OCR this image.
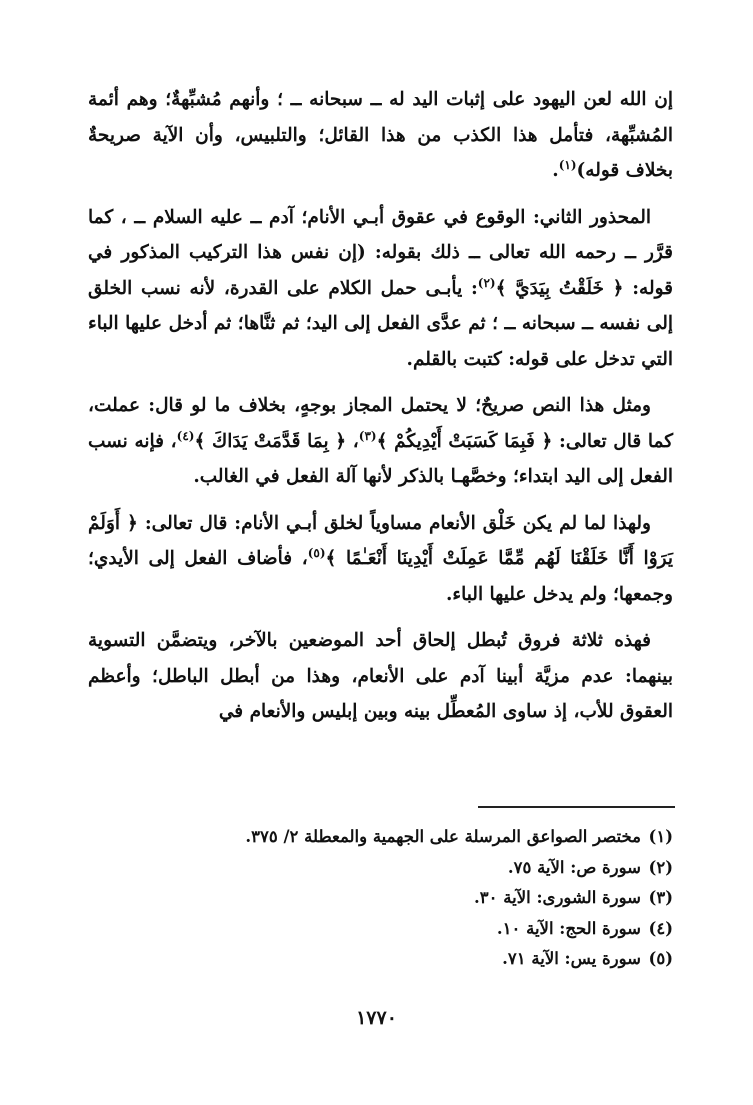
إن الله لعن اليهود على إثبات اليد له ــ سبحانه ــ ؛ وأنهم مُشبِّهةٌ؛ وهم أئمة المُشبِّهة، فتأمل هذا الكذب من هذا القائل؛ والتلبيس، وأن الآية صريحةٌ بخلاف قوله)$^{(١)}$.

المحذور الثاني: الوقوع في عقوق أبـي الأنام؛ آدم ــ عليه السلام ــ ، كما قرَّر ــ رحمه الله تعالى ــ ذلك بقوله: (إن نفس هذا التركيب المذكور في قوله: ﴿ خَلَقْتُ بِيَدَيَّ ﴾$^{(٢)}$: يأبـى حمل الكلام على القدرة، لأنه نسب الخلق إلى نفسه ــ سبحانه ــ ؛ ثم عدَّى الفعل إلى اليد؛ ثم ثنَّاها؛ ثم أدخل عليها الباء التي تدخل على قوله: كتبت بالقلم.

ومثل هذا النص صريحٌ؛ لا يحتمل المجاز بوجهٍ، بخلاف ما لو قال: عملت، كما قال تعالى: ﴿ فَبِمَا كَسَبَتْ أَيْدِيكُمْ ﴾$^{(٣)}$، ﴿ بِمَا قَدَّمَتْ يَدَاكَ ﴾$^{(٤)}$، فإنه نسب الفعل إلى اليد ابتداء؛ وخصَّهـا بالذكر لأنها آلة الفعل في الغالب.

ولهذا لما لم يكن خَلْق الأنعام مساوياً لخلق أبـي الأنام: قال تعالى: ﴿ أَوَلَمْ يَرَوْا أَنَّا خَلَقْنَا لَهُم مِّمَّا عَمِلَتْ أَيْدِينَا أَنْعَـٰمًا ﴾$^{(٥)}$، فأضاف الفعل إلى الأيدي؛ وجمعها؛ ولم يدخل عليها الباء.

فهذه ثلاثة فروق تُبطل إلحاق أحد الموضعين بالآخر، ويتضمَّن التسوية بينهما: عدم مزيَّة أبينا آدم على الأنعام، وهذا من أبطل الباطل؛ وأعظم العقوق للأب، إذ ساوى المُعطِّل بينه وبين إبليس والأنعام في

(١)مختصر الصواعق المرسلة على الجهمية والمعطلة ٢/ ٣٧٥.
(٢)سورة ص: الآية ٧٥.
(٣)سورة الشورى: الآية ٣٠.
(٤)سورة الحج: الآية ١٠.
(٥)سورة يس: الآية ٧١.
١٧٧٠
